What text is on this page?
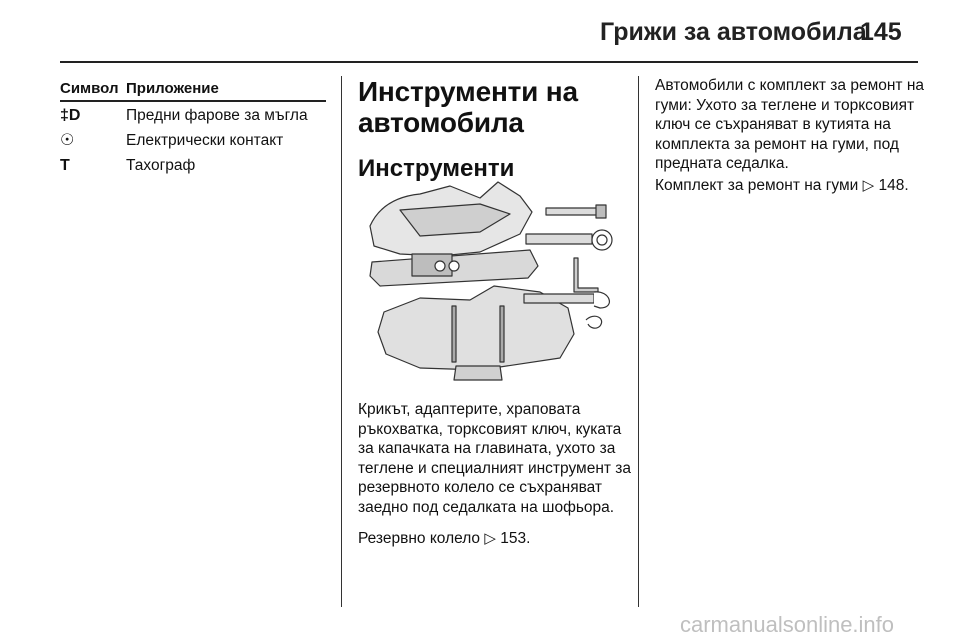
Грижи за автомобила
145
Символ Приложение
‡D	Предни фарове за мъгла
☉	Електрически контакт
T	Тахограф
Инструменти на автомобила
Инструменти

Крикът, адаптерите, храповата ръкохватка, торксовият ключ, куката за капачката на главината, ухото за теглене и специалният инструмент за резервното колело се съхраняват заедно под седалката на шофьора.

Резервно колело ▷ 153.

Автомобили с комплект за ремонт на гуми: Ухото за теглене и торксовият ключ се съхраняват в кутията на комплекта за ремонт на гуми, под предната седалка.

Комплект за ремонт на гуми ▷ 148.

carmanualsonline.info
